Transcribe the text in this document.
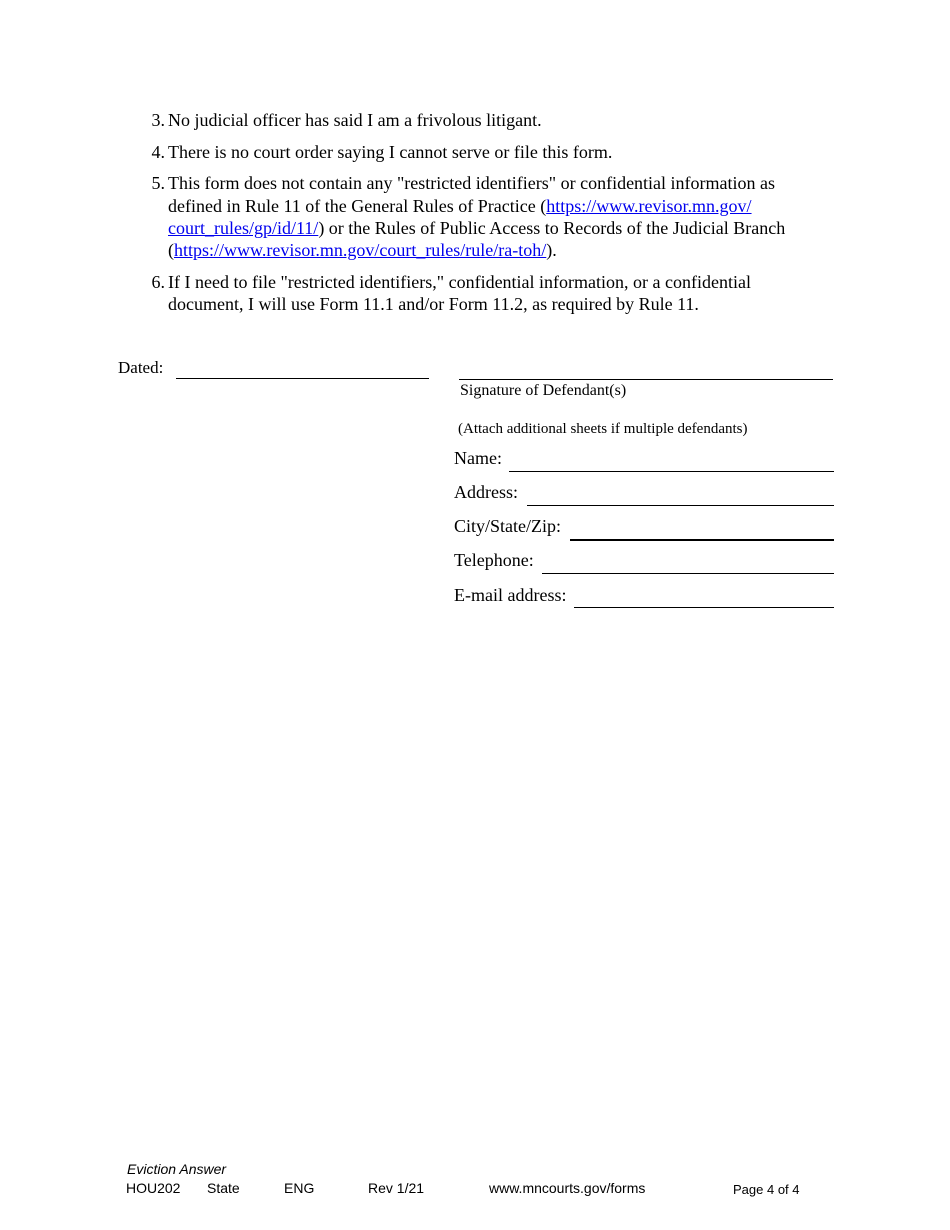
3. No judicial officer has said I am a frivolous litigant.
4. There is no court order saying I cannot serve or file this form.
5. This form does not contain any "restricted identifiers" or confidential information as
defined in Rule 11 of the General Rules of Practice (https://www.revisor.mn.gov/
court_rules/gp/id/11/) or the Rules of Public Access to Records of the Judicial Branch
(https://www.revisor.mn.gov/court_rules/rule/ra-toh/).
6. If I need to file "restricted identifiers," confidential information, or a confidential
document, I will use Form 11.1 and/or Form 11.2, as required by Rule 11.
Dated:
Signature of Defendant(s)
(Attach additional sheets if multiple defendants)
Name:
Address:
City/State/Zip:
Telephone:
E-mail address:
Eviction Answer
HOU202 State	ENG	Rev 1/21	www.mncourts.gov/forms	Page 4 of 4
